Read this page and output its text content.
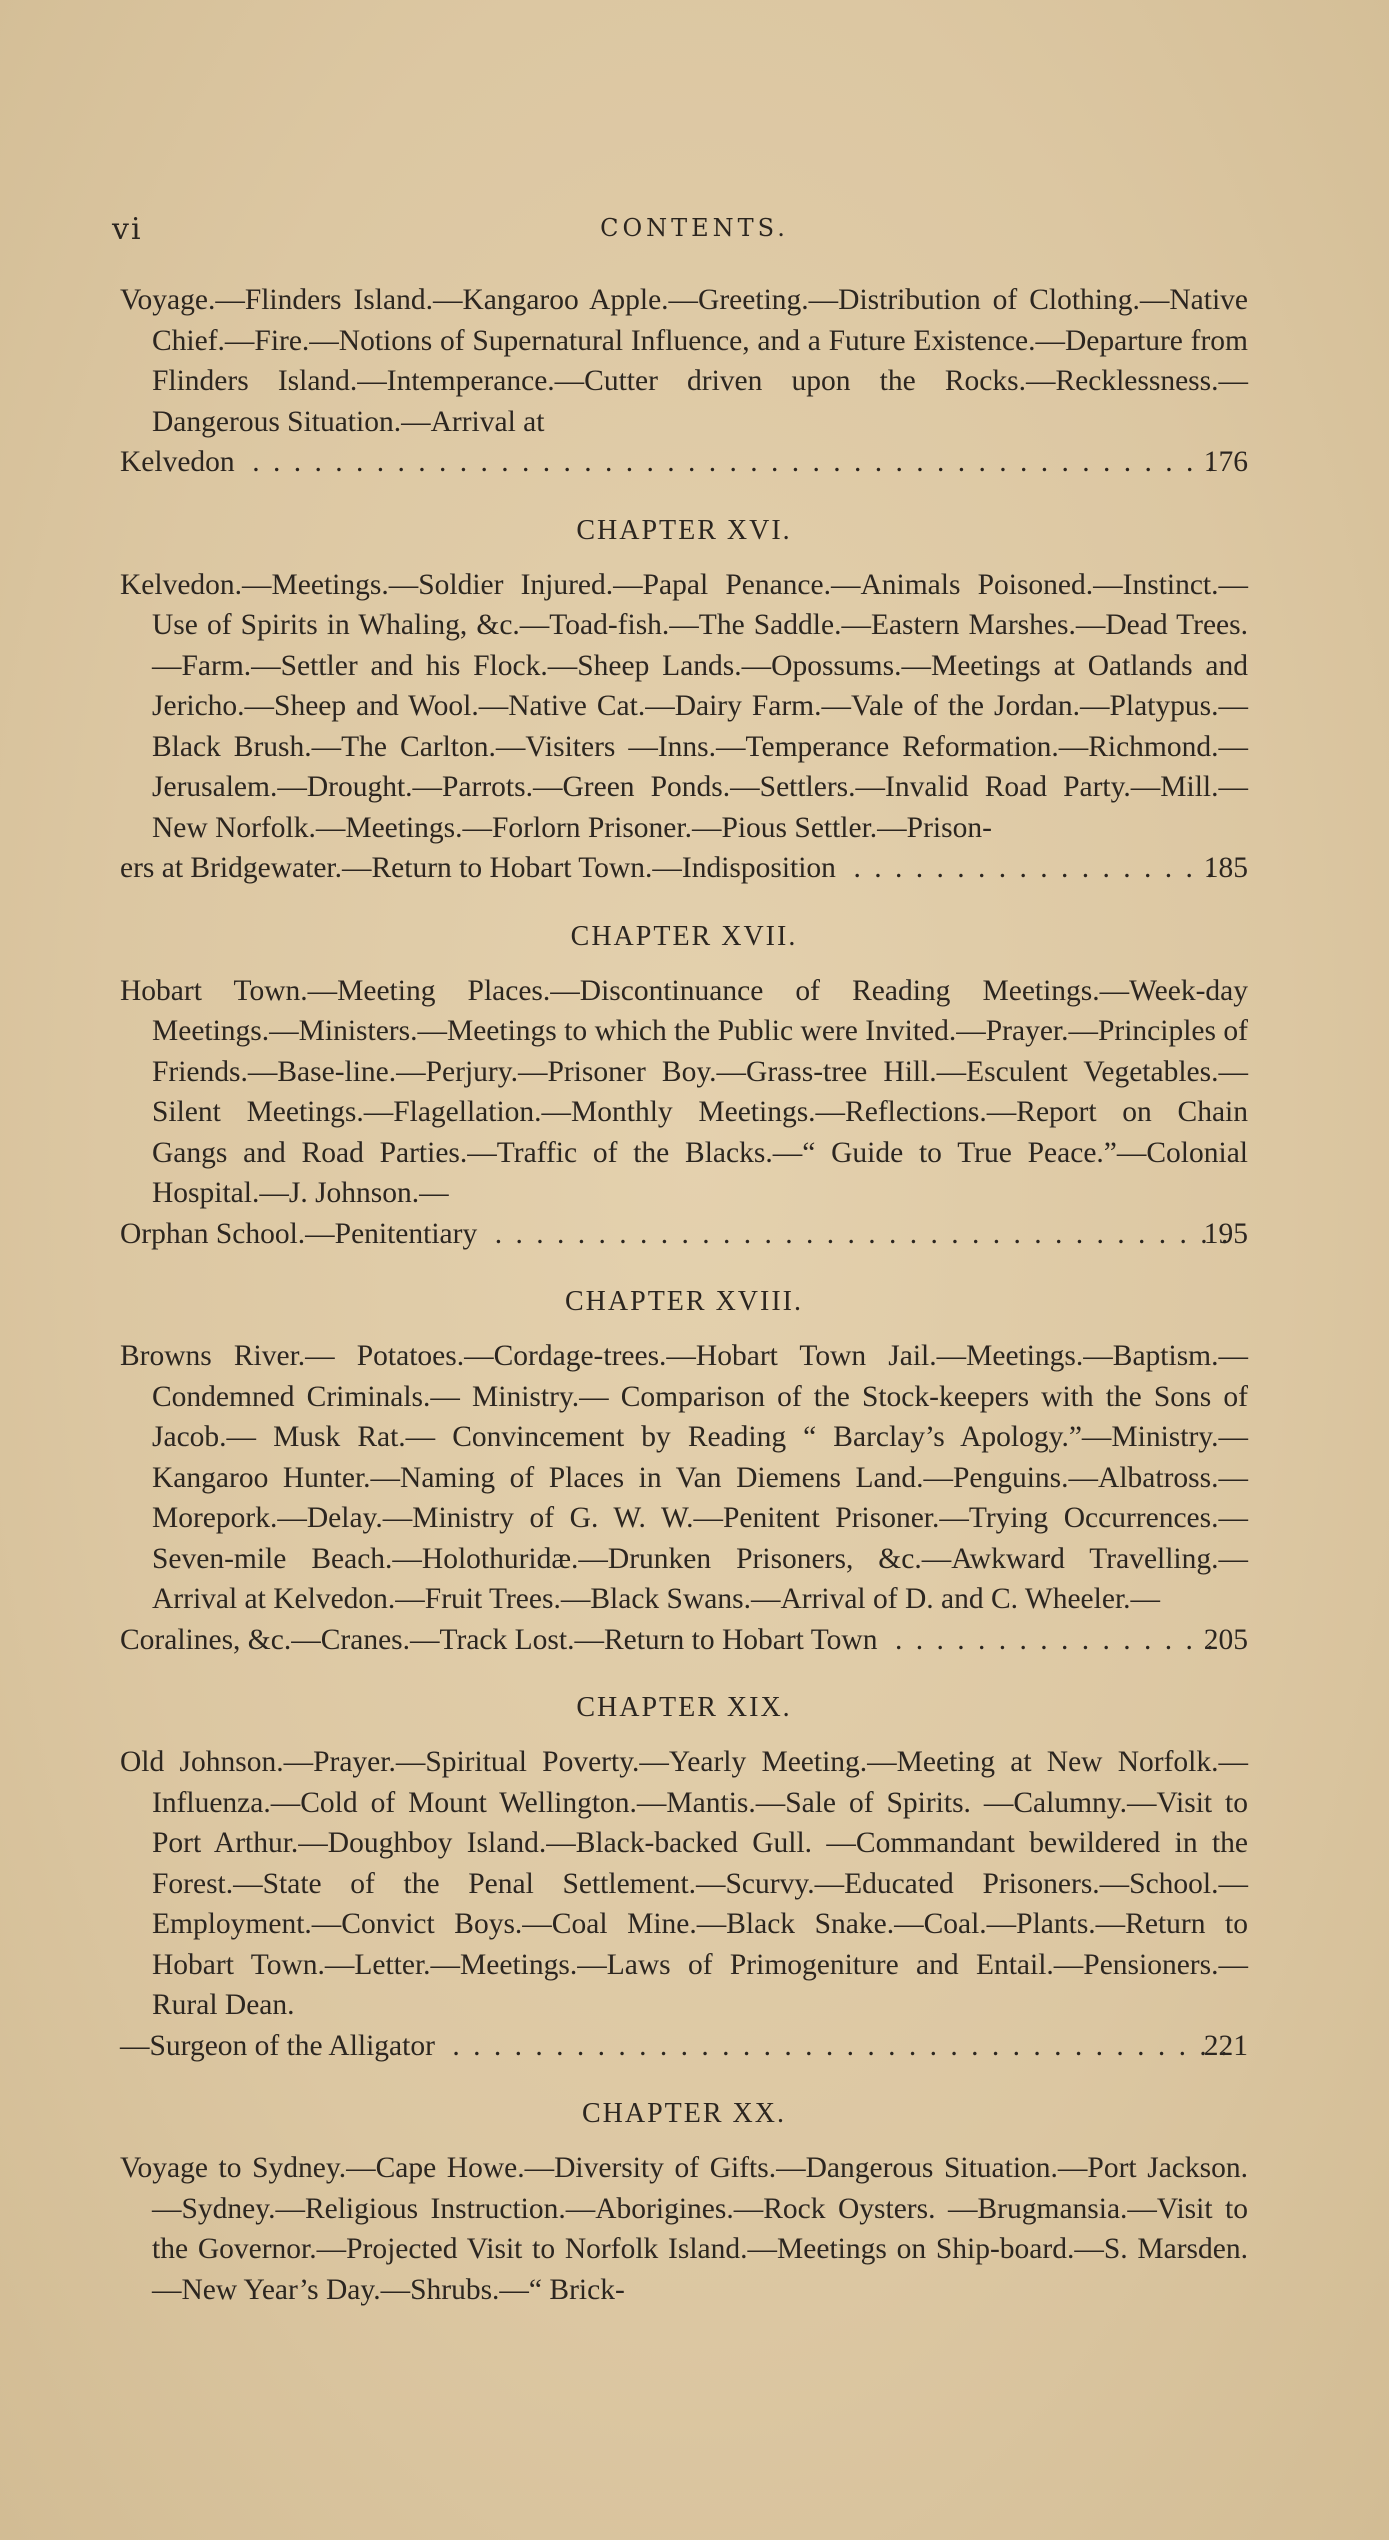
vi	CONTENTS.

Voyage.—Flinders Island.—Kangaroo Apple.—Greeting.—Distribution of Clothing.—Native Chief.—Fire.—Notions of Supernatural Influence, and a Future Existence.—Departure from Flinders Island.—Intemperance.—Cutter driven upon the Rocks.—Recklessness.—Dangerous Situation.—Arrival at
Kelvedon . . .	176

CHAPTER XVI.

Kelvedon.—Meetings.—Soldier Injured.—Papal Penance.—Animals Poisoned.—Instinct.—Use of Spirits in Whaling, &c.—Toad-fish.—The Saddle.—Eastern Marshes.—Dead Trees.—Farm.—Settler and his Flock.—Sheep Lands.—Opossums.—Meetings at Oatlands and Jericho.—Sheep and Wool.—Native Cat.—Dairy Farm.—Vale of the Jordan.—Platypus.—Black Brush.—The Carlton.—Visiters —Inns.—Temperance Reformation.—Richmond.—Jerusalem.—Drought.—Parrots.—Green Ponds.—Settlers.—Invalid Road Party.—Mill.—New Norfolk.—Meetings.—Forlorn Prisoner.—Pious Settler.—Prison-
ers at Bridgewater.—Return to Hobart Town.—Indisposition . . .	185

CHAPTER XVII.

Hobart Town.—Meeting Places.—Discontinuance of Reading Meetings.—Week-day Meetings.—Ministers.—Meetings to which the Public were Invited.—Prayer.—Principles of Friends.—Base-line.—Perjury.—Prisoner Boy.—Grass-tree Hill.—Esculent Vegetables.—Silent Meetings.—Flagellation.—Monthly Meetings.—Reflections.—Report on Chain Gangs and Road Parties.—Traffic of the Blacks.—“ Guide to True Peace.”—Colonial Hospital.—J. Johnson.—
Orphan School.—Penitentiary . . .	195

CHAPTER XVIII.

Browns River.— Potatoes.—Cordage-trees.—Hobart Town Jail.—Meetings.—Baptism.— Condemned Criminals.— Ministry.— Comparison of the Stock-keepers with the Sons of Jacob.— Musk Rat.— Convincement by Reading “ Barclay’s Apology.”—Ministry.—Kangaroo Hunter.—Naming of Places in Van Diemens Land.—Penguins.—Albatross.—Morepork.—Delay.—Ministry of G. W. W.—Penitent Prisoner.—Trying Occurrences.—Seven-mile Beach.—Holothuridæ.—Drunken Prisoners, &c.—Awkward Travelling.—Arrival at Kelvedon.—Fruit Trees.—Black Swans.—Arrival of D. and C. Wheeler.—
Coralines, &c.—Cranes.—Track Lost.—Return to Hobart Town . . .	205

CHAPTER XIX.

Old Johnson.—Prayer.—Spiritual Poverty.—Yearly Meeting.—Meeting at New Norfolk.—Influenza.—Cold of Mount Wellington.—Mantis.—Sale of Spirits. —Calumny.—Visit to Port Arthur.—Doughboy Island.—Black-backed Gull. —Commandant bewildered in the Forest.—State of the Penal Settlement.—Scurvy.—Educated Prisoners.—School.—Employment.—Convict Boys.—Coal Mine.—Black Snake.—Coal.—Plants.—Return to Hobart Town.—Letter.—Meetings.—Laws of Primogeniture and Entail.—Pensioners.—Rural Dean.
—Surgeon of the Alligator . . .	221

CHAPTER XX.

Voyage to Sydney.—Cape Howe.—Diversity of Gifts.—Dangerous Situation.—Port Jackson.—Sydney.—Religious Instruction.—Aborigines.—Rock Oysters. —Brugmansia.—Visit to the Governor.—Projected Visit to Norfolk Island.—Meetings on Ship-board.—S. Marsden.—New Year’s Day.—Shrubs.—“ Brick-
